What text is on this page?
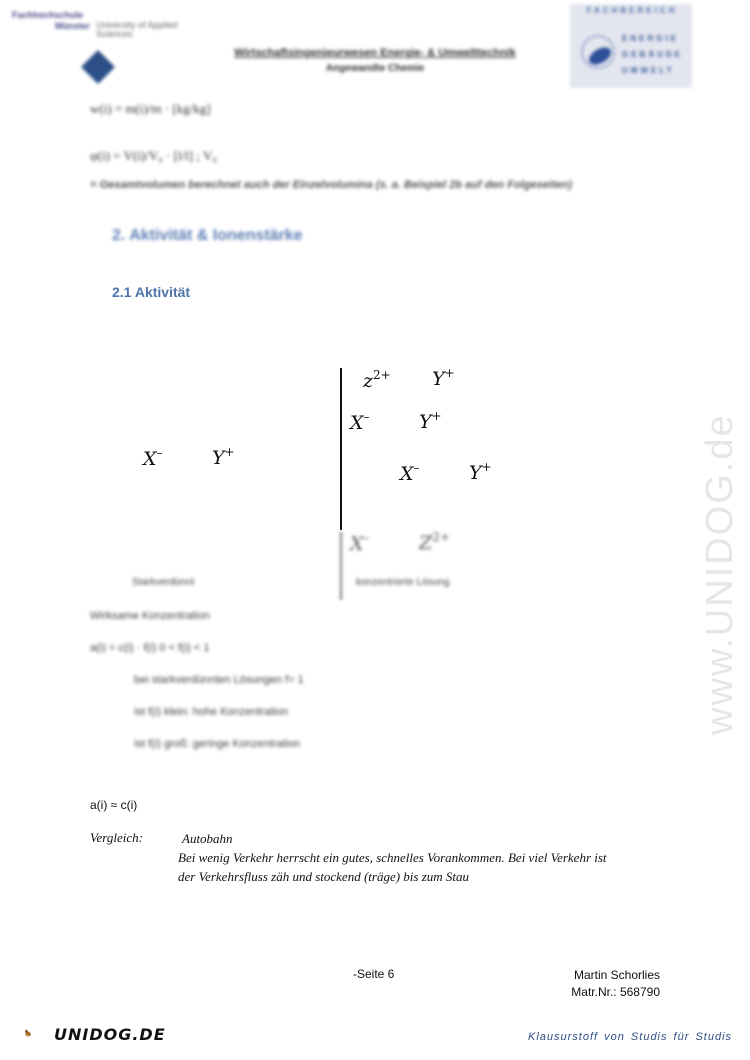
Fachhochschule
Münster University of Applied Sciences
Wirtschaftsingenieurwesen Energie- & Umwelttechnik
Angewandte Chemie
FACHBEREICH
ENERGIE
GEBÄUDE
UMWELT
w(i) = m(i)/m · [kg/kg]
φ(i) = V(i)/V₀ · [l/l] ; V₀
= Gesamtvolumen berechnet auch der Einzelvolumina (s. a. Beispiel 2b auf den Folgeseiten)
2. Aktivität & Ionenstärke
2.1 Aktivität
X–	Y+
$z^{2+}$ Y+
X–	Y+
X–	Y+
X–	$Z^{2+}$
Starkverdünnt	konzentrierte Lösung
Wirksame Konzentration
a(i) = c(i) · f(i) 0 < f(i) < 1
bei starkverdünnten Lösungen f= 1
ist f(i) klein: hohe Konzentration
ist f(i) groß: geringe Konzentration
a(i) ≈ c(i)
Vergleich:	Autobahn
Bei wenig Verkehr herrscht ein gutes, schnelles Vorankommen. Bei viel Verkehr ist
der Verkehrsfluss zäh und stockend (träge) bis zum Stau
-Seite 6	Martin Schorlies
Matr.Nr.: 568790
UNIDOG.DE	Klausurstoff von Studis für Studis
www.UNIDOG.de
